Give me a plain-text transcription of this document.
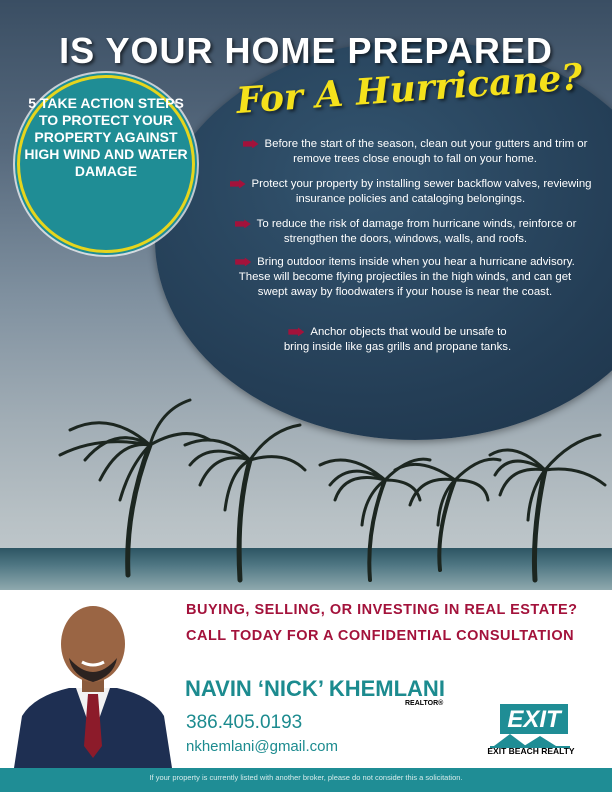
IS YOUR HOME PREPARED
For A Hurricane?
5 TAKE ACTION STEPS TO PROTECT YOUR PROPERTY AGAINST HIGH WIND AND WATER DAMAGE
Before the start of the season, clean out your gutters and trim or remove trees close enough to fall on your home.
Protect your property by installing sewer backflow valves, reviewing insurance policies and cataloging belongings.
To reduce the risk of damage from hurricane winds, reinforce or strengthen the doors, windows, walls, and roofs.
Bring outdoor items inside when you hear a hurricane advisory. These will become flying projectiles in the high winds, and can get swept away by floodwaters if your house is near the coast.
Anchor objects that would be unsafe to bring inside like gas grills and propane tanks.
BUYING, SELLING, OR INVESTING IN REAL ESTATE?
CALL TODAY FOR A CONFIDENTIAL CONSULTATION
NAVIN ‘NICK’ KHEMLANI
REALTOR®
386.405.0193
nkhemlani@gmail.com
EXIT
EXIT BEACH REALTY
If your property is currently listed with another broker, please do not consider this a solicitation.
